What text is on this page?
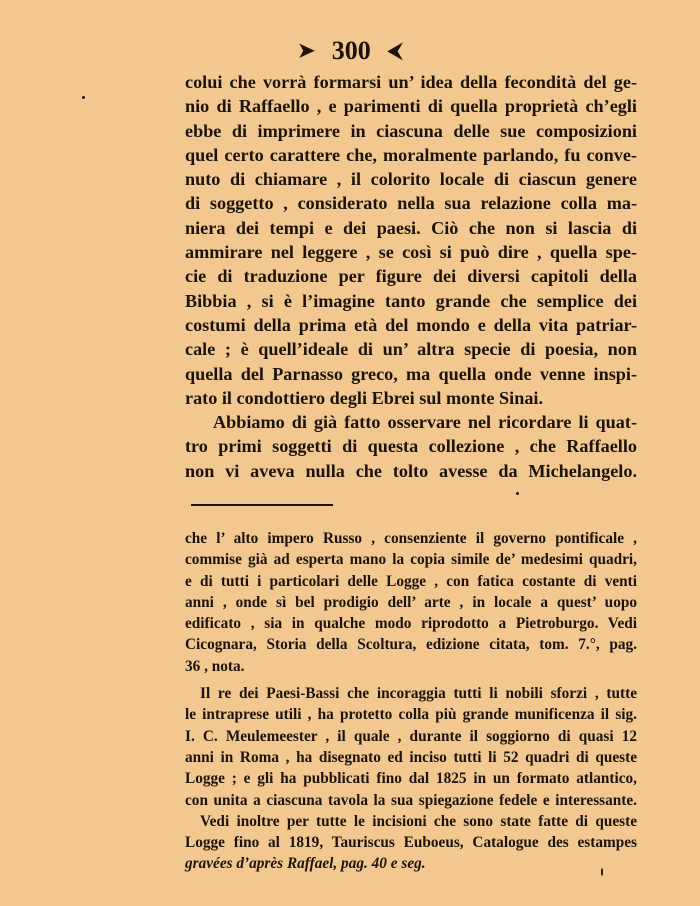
➤ 300 ⮜

colui che vorrà formarsi un’ idea della fecondità del ge-

nio di Raffaello , e parimenti di quella proprietà ch’egli

ebbe di imprimere in ciascuna delle sue composizioni

quel certo carattere che, moralmente parlando, fu conve-

nuto di chiamare , il colorito locale di ciascun genere

di soggetto , considerato nella sua relazione colla ma-

niera dei tempi e dei paesi. Ciò che non si lascia di

ammirare nel leggere , se così si può dire , quella spe-

cie di traduzione per figure dei diversi capitoli della

Bibbia , si è l’imagine tanto grande che semplice dei

costumi della prima età del mondo e della vita patriar-

cale ; è quell’ideale di un’ altra specie di poesia, non

quella del Parnasso greco, ma quella onde venne inspi-

rato il condottiero degli Ebrei sul monte Sinai.

Abbiamo di già fatto osservare nel ricordare li quat-

tro primi soggetti di questa collezione , che Raffaello

non vi aveva nulla che tolto avesse da Michelangelo.

che l’ alto impero Russo , consenziente il governo pontificale ,

commise già ad esperta mano la copia simile de’ medesimi quadri,

e di tutti i particolari delle Logge , con fatica costante di venti

anni , onde sì bel prodigio dell’ arte , in locale a quest’ uopo

edificato , sia in qualche modo riprodotto a Pietroburgo. Vedi

Cicognara, Storia della Scoltura, edizione citata, tom. 7.°, pag.

36 , nota.

Il re dei Paesi-Bassi che incoraggia tutti li nobili sforzi , tutte

le intraprese utili , ha protetto colla più grande munificenza il sig.

I. C. Meulemeester , il quale , durante il soggiorno di quasi 12

anni in Roma , ha disegnato ed inciso tutti li 52 quadri di queste

Logge ; e gli ha pubblicati fino dal 1825 in un formato atlantico,

con unita a ciascuna tavola la sua spiegazione fedele e interessante.

Vedi inoltre per tutte le incisioni che sono state fatte di queste

Logge fino al 1819, Tauriscus Euboeus, Catalogue des estampes

gravées d’après Raffael, pag. 40 e seg.
